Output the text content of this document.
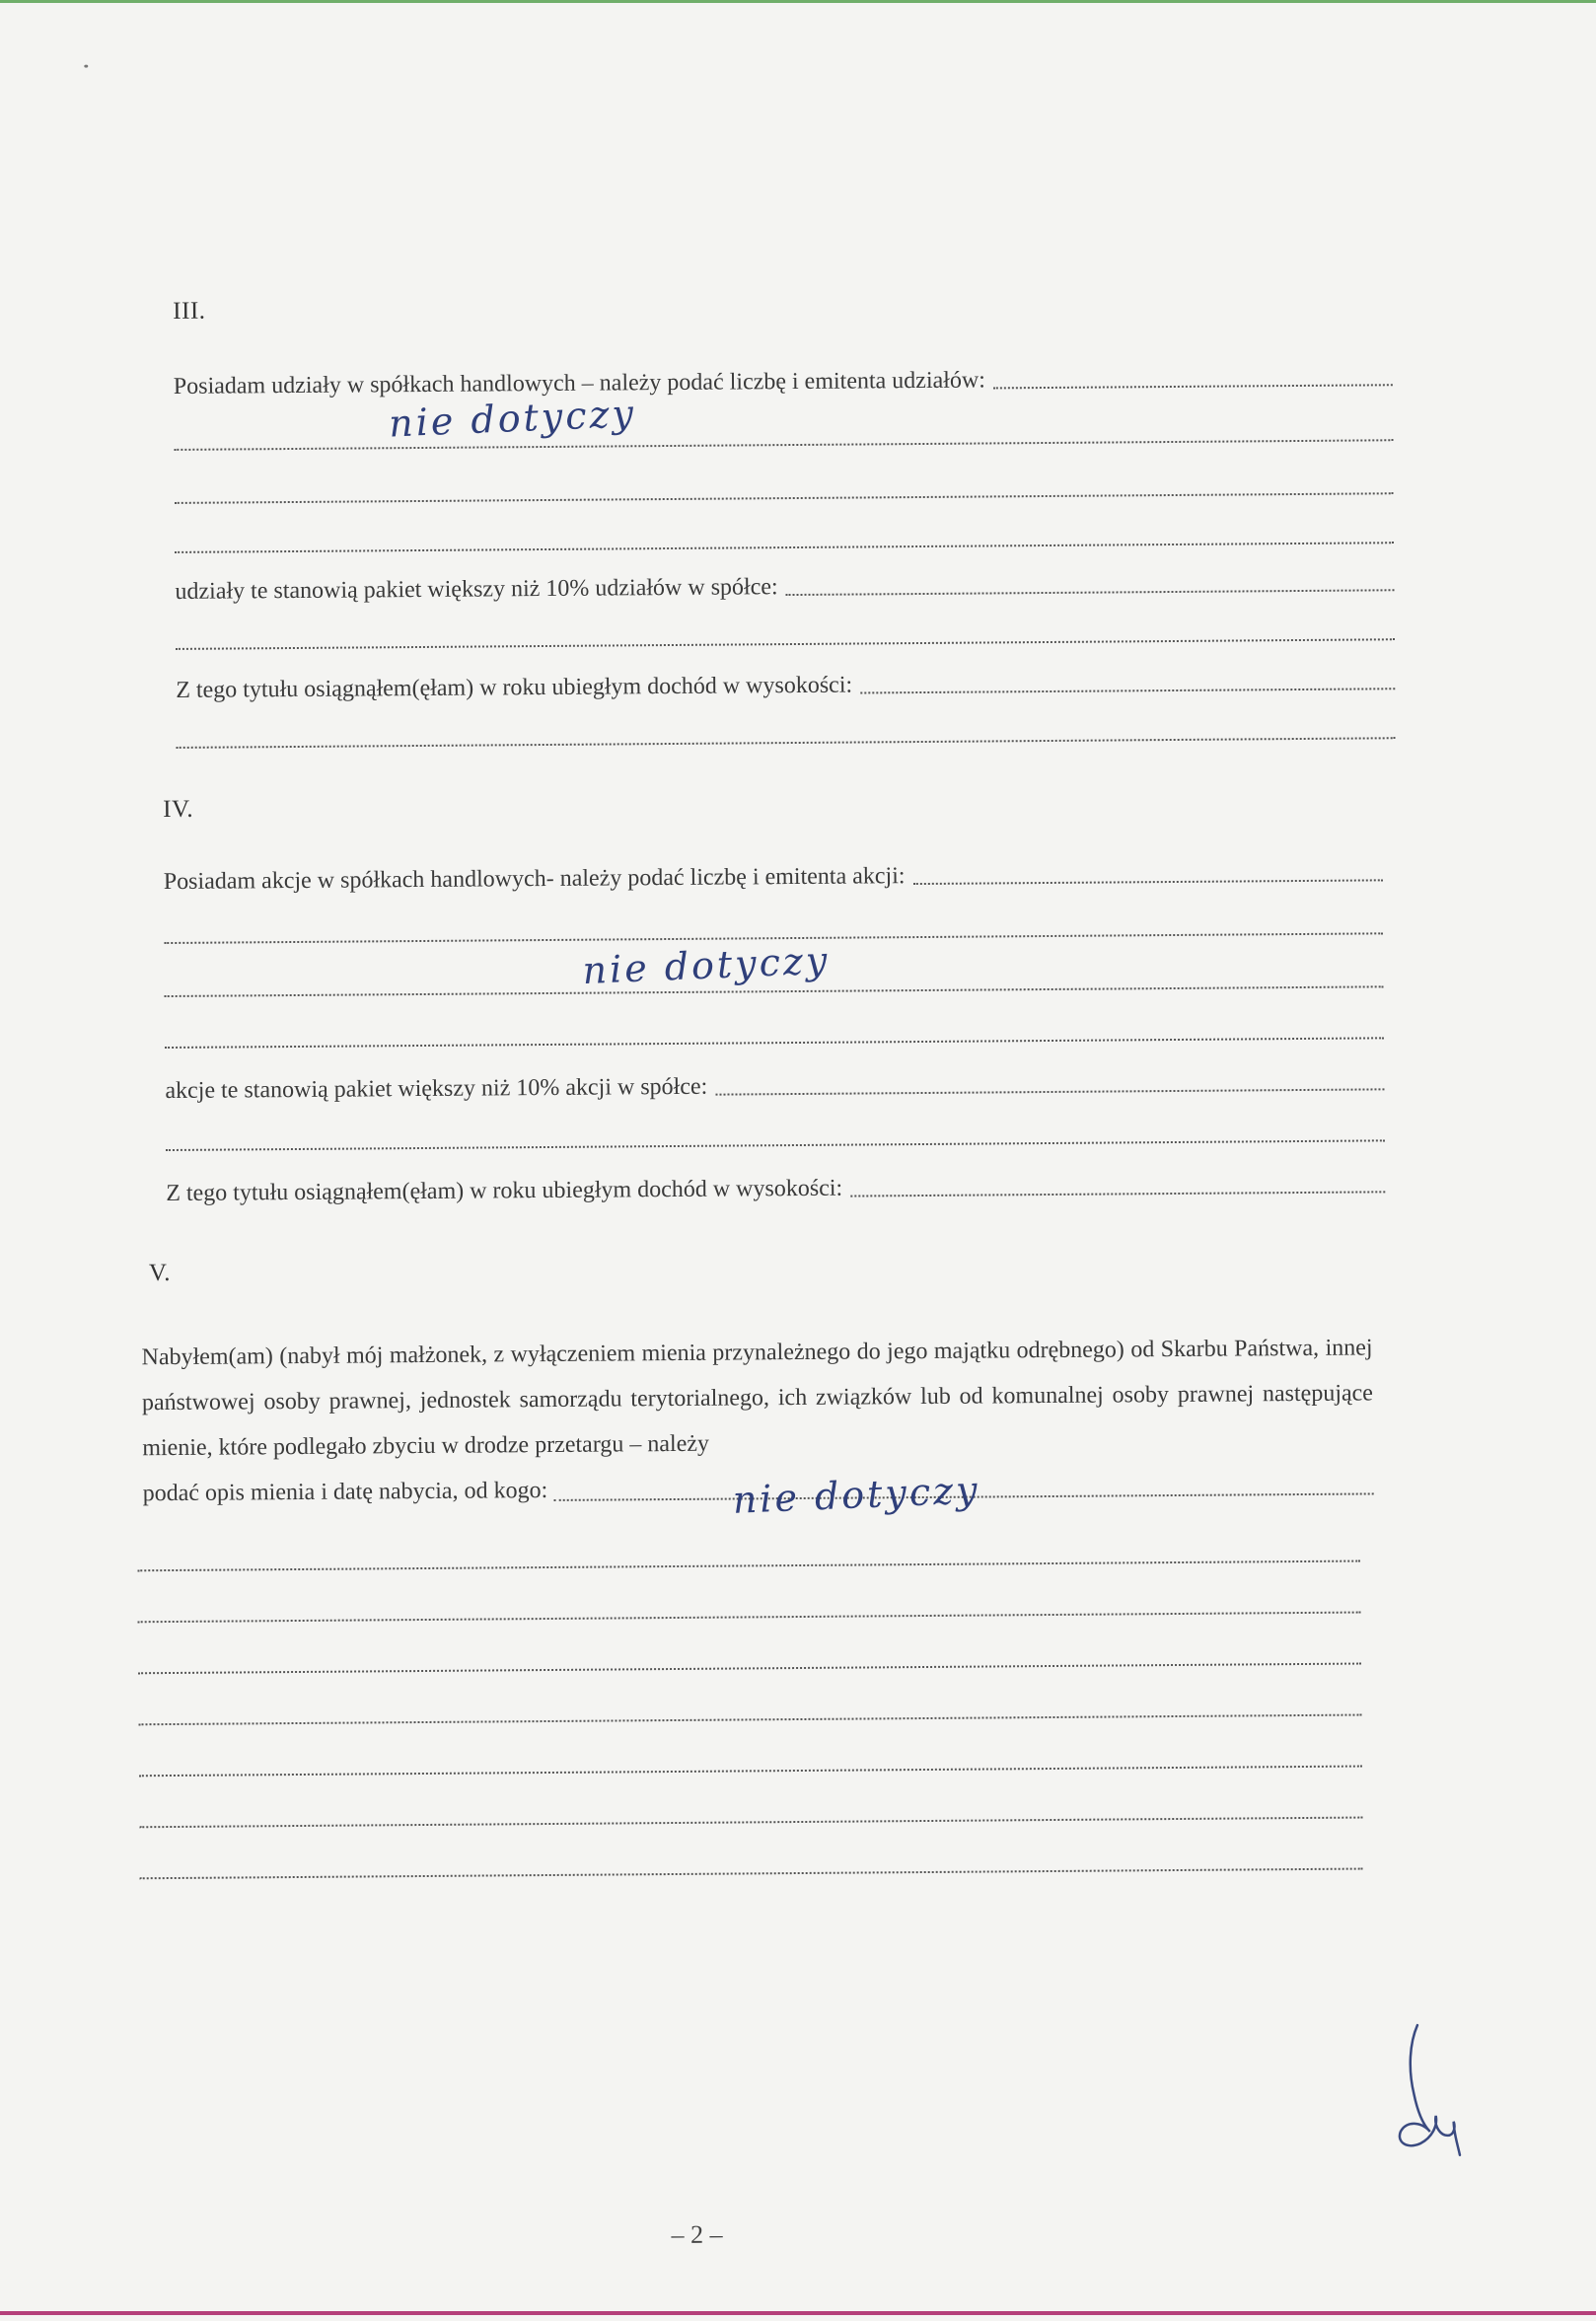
III.
Posiadam udziały w spółkach handlowych – należy podać liczbę i emitenta udziałów:
nie dotyczy
udziały te stanowią pakiet większy niż 10% udziałów w spółce:
Z tego tytułu osiągnąłem(ęłam) w roku ubiegłym dochód w wysokości:
IV.
Posiadam akcje w spółkach handlowych- należy podać liczbę i emitenta akcji:
nie dotyczy
akcje te stanowią pakiet większy niż 10% akcji w spółce:
Z tego tytułu osiągnąłem(ęłam) w roku ubiegłym dochód w wysokości:
V.
Nabyłem(am) (nabył mój małżonek, z wyłączeniem mienia przynależnego do jego majątku odrębnego) od Skarbu Państwa, innej państwowej osoby prawnej, jednostek samorządu terytorialnego, ich związków lub od komunalnej osoby prawnej następujące mienie, które podlegało zbyciu w drodze przetargu – należy
podać opis mienia i datę nabycia, od kogo:	nie dotyczy
– 2 –
